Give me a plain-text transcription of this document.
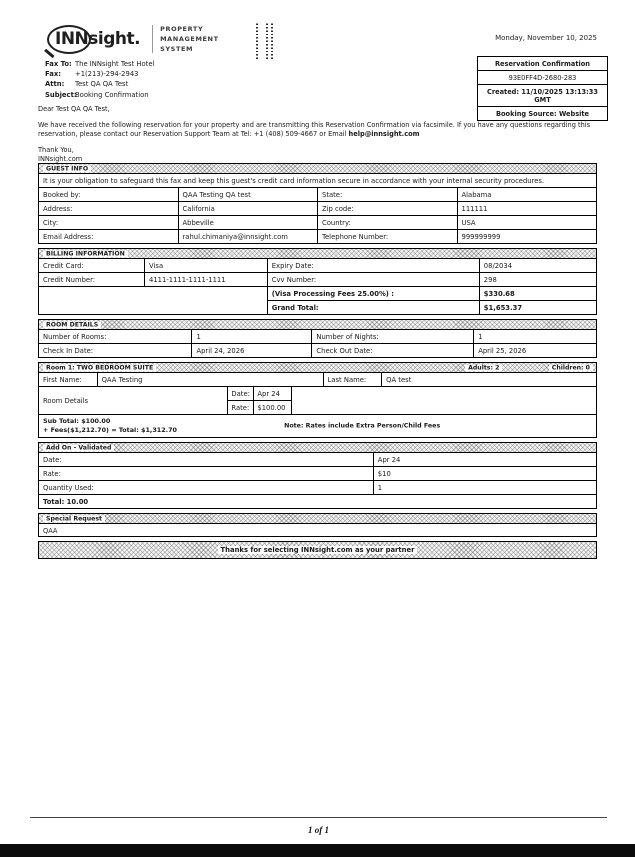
INNsight.
PROPERTY
MANAGEMENT
SYSTEM
Monday, November 10, 2025
Reservation Confirmation
93E0FF4D-2680-283
Created: 11/10/2025 13:13:33 GMT
Booking Source: Website
Fax To: The INNsight Test Hotel
Fax:	+1(213)-294-2943
Attn:	Test QA QA Test
Subject:
Booking Confirmation

Dear Test QA QA Test,

We have received the following reservation for your property and are transmitting this Reservation Confirmation via facsimile. If you have any questions regarding this reservation, please contact our Reservation Support Team at Tel: +1 (408) 509-4667 or Email help@innsight.com

Thank You,
INNsight.com

GUEST INFO
It is your obligation to safeguard this fax and keep this guest's credit card information secure in accordance with your internal security procedures.			
Booked by:	QAA Testing QA test	State:	Alabama
Address:	California	Zip code:	111111
City:	Abbeville	Country:	USA
Email Address:	rahul.chimaniya@innsight.com	Telephone Number:	999999999
BILLING INFORMATION
Credit Card:	Visa	Expiry Date:	08/2034
Credit Number:	4111-1111-1111-1111	Cvv Number:	298
		(Visa Processing Fees 25.00%) :	$330.68
		Grand Total:	$1,653.37
ROOM DETAILS
Number of Rooms:	1	Number of Nights:	1
Check In Date:	April 24, 2026	Check Out Date:	April 25, 2026
Room 1: TWO BEDROOM SUITE	Adults: 2	Children: 0
First Name:	QAA Testing	Last Name:	QA test
Room Details
Date:	Apr 24
Rate:	$100.00
Sub Total: $100.00
+ Fees($1,212.70) = Total: $1,312.70	Note: Rates include Extra Person/Child Fees
Add On - Validated
Date:	Apr 24
Rate:	$10
Quantity Used:	1
Total: 10.00	
Special Request
QAA
Thanks for selecting INNsight.com as your partner
1 of 1
